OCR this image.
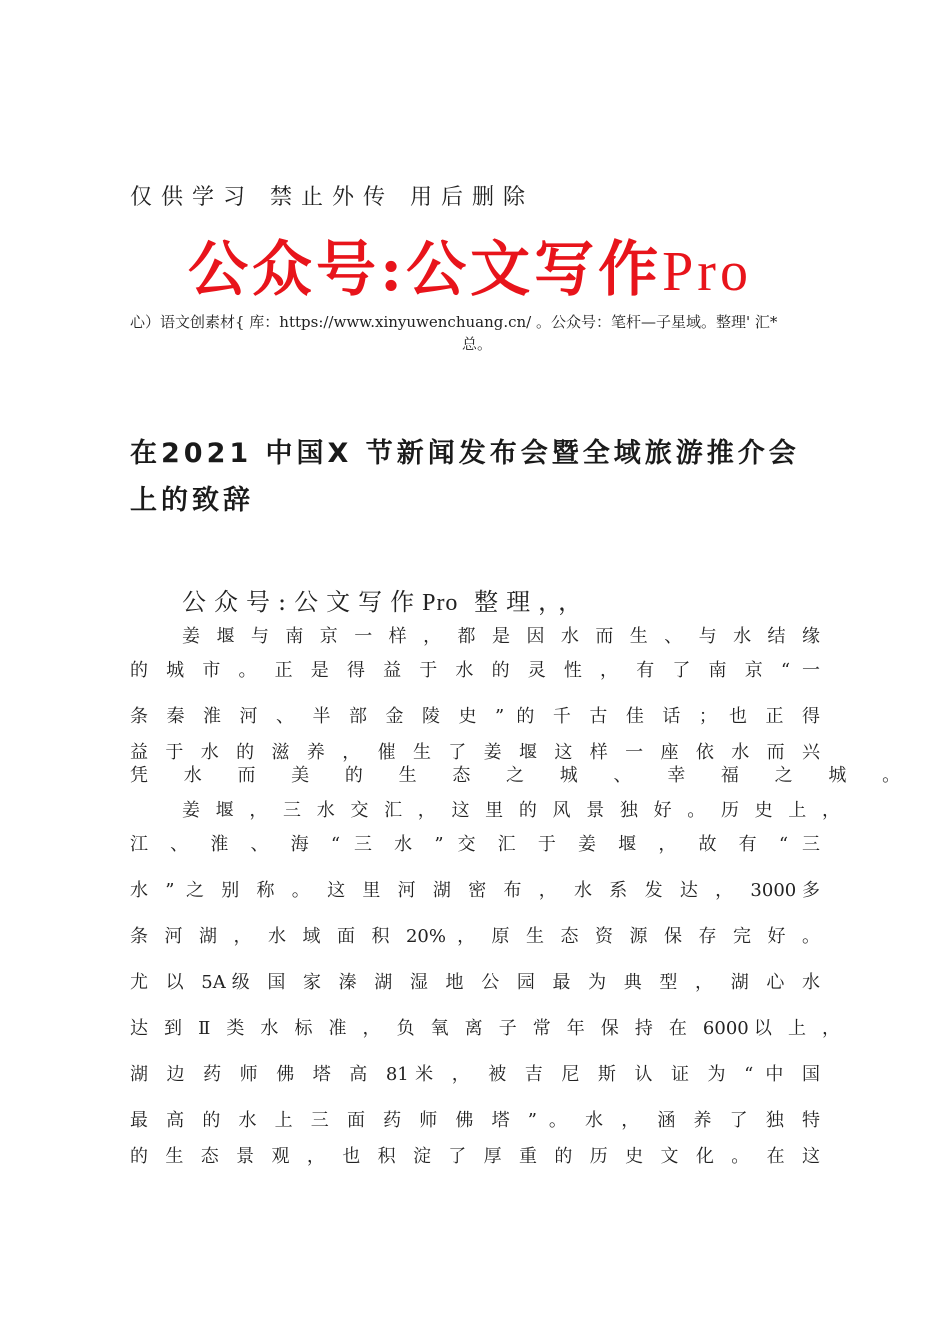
仅供学习 禁止外传 用后删除
公众号:公文写作Pro
心）语文创素材{ 库：https://www.xinyuwenchuang.cn/ 。公众号：笔杆—子星域。整理' 汇*
总。
在2021 中国X 节新闻发布会暨全域旅游推介会
上的致辞
公众号:公文写作Pro 整理，，
姜 堰 与 南 京 一 样 ， 都 是 因 水 而 生 、 与 水 结 缘
的 城 市 。 正 是 得 益 于 水 的 灵 性 ， 有 了 南 京 “ 一
条 秦 淮 河 、 半 部 金 陵 史 ” 的 千 古 佳 话 ； 也 正 得
益 于 水 的 滋 养 ， 催 生 了 姜 堰 这 样 一 座 依 水 而 兴
凭 水 而 美 的 生 态 之 城 、 幸 福 之 城 。
姜 堰 ， 三 水 交 汇 ， 这 里 的 风 景 独 好 。 历 史 上 ，
江 、 淮 、 海 “ 三 水 ” 交 汇 于 姜 堰 ， 故 有 “ 三
水 ” 之 别 称 。 这 里 河 湖 密 布 ， 水 系 发 达 ， 3000多
条 河 湖 ， 水 域 面 积 20% ， 原 生 态 资 源 保 存 完 好 。
尤 以 5A级 国 家 溱 湖 湿 地 公 园 最 为 典 型 ， 湖 心 水
达 到 Ⅱ 类 水 标 准 ， 负 氧 离 子 常 年 保 持 在 6000以 上 ，
湖 边 药 师 佛 塔 高 81米 ， 被 吉 尼 斯 认 证 为 “ 中 国
最 高 的 水 上 三 面 药 师 佛 塔 ” 。 水 ， 涵 养 了 独 特
的 生 态 景 观 ， 也 积 淀 了 厚 重 的 历 史 文 化 。 在 这
